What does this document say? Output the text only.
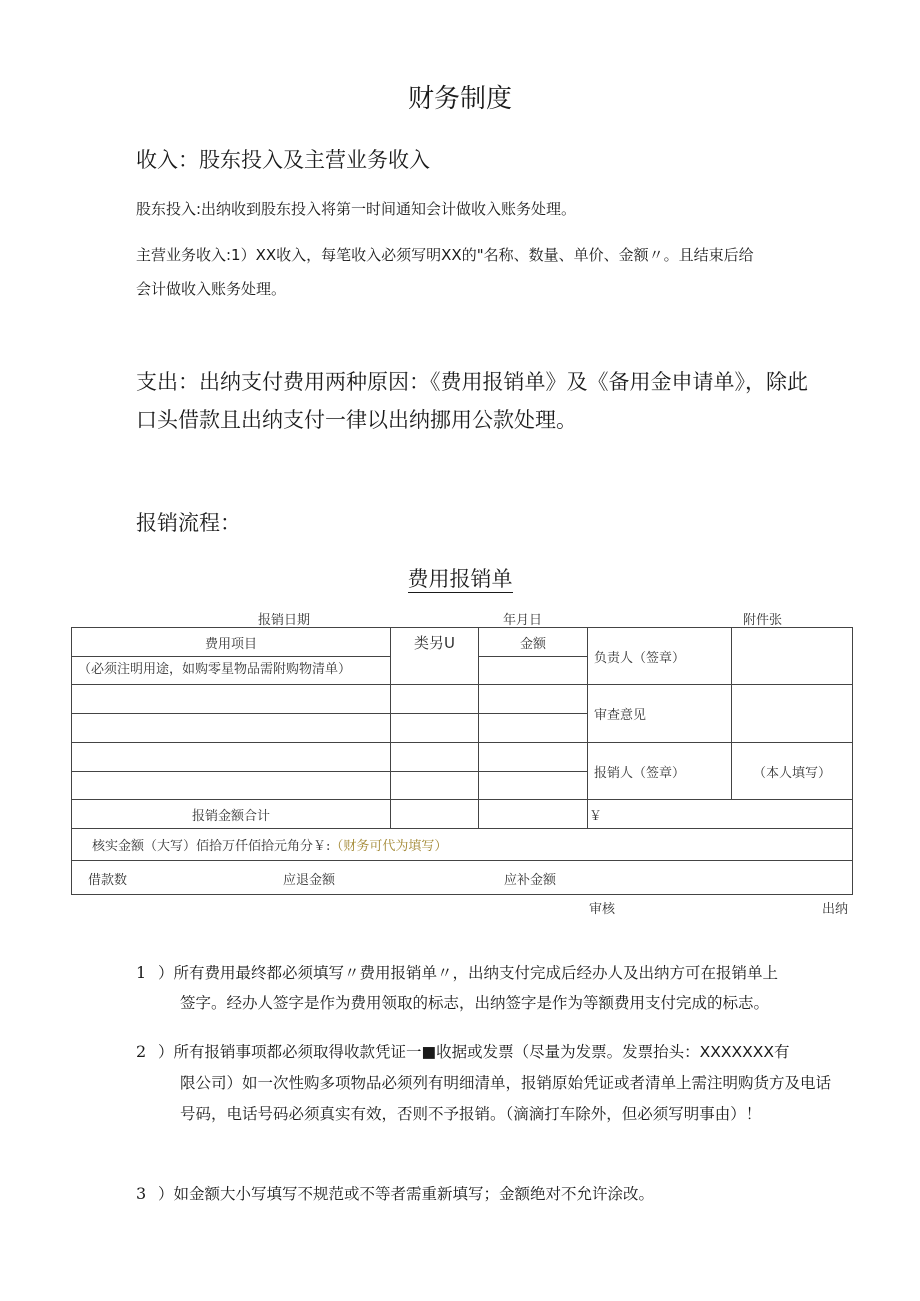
财务制度
收入：股东投入及主营业务收入
股东投入:出纳收到股东投入将第一时间通知会计做收入账务处理。
主营业务收入:1）XX收入，每笔收入必须写明XX的"名称、数量、单价、金额〃。且结束后给
会计做收入账务处理。
支出：出纳支付费用两种原因：《费用报销单》及《备用金申请单》，除此
口头借款且出纳支付一律以出纳挪用公款处理。
报销流程：
费用报销单
报销日期	年月日	附件张
费用项目	类另U	金额	负责人（签章）	
（必须注明用途，如购零星物品需附购物清单）				
			审查意见	

			报销人（签章）	（本人填写）

报销金额合计			￥	
核实金额（大写）佰拾万仟佰拾元角分￥:（财务可代为填写）				

借款数 应退金额 应补金额				
审核	出纳
1 ）所有费用最终都必须填写〃费用报销单〃，出纳支付完成后经办人及出纳方可在报销单上
签字。经办人签字是作为费用领取的标志，出纳签字是作为等额费用支付完成的标志。
2 ）所有报销事项都必须取得收款凭证一■收据或发票（尽量为发票。发票抬头：XXXXXXX有
限公司）如一次性购多项物品必须列有明细清单，报销原始凭证或者清单上需注明购货方及电话号码，电话号码必须真实有效，否则不予报销。（滴滴打车除外，但必须写明事由）！
3 ）如金额大小写填写不规范或不等者需重新填写；金额绝对不允许涂改。
